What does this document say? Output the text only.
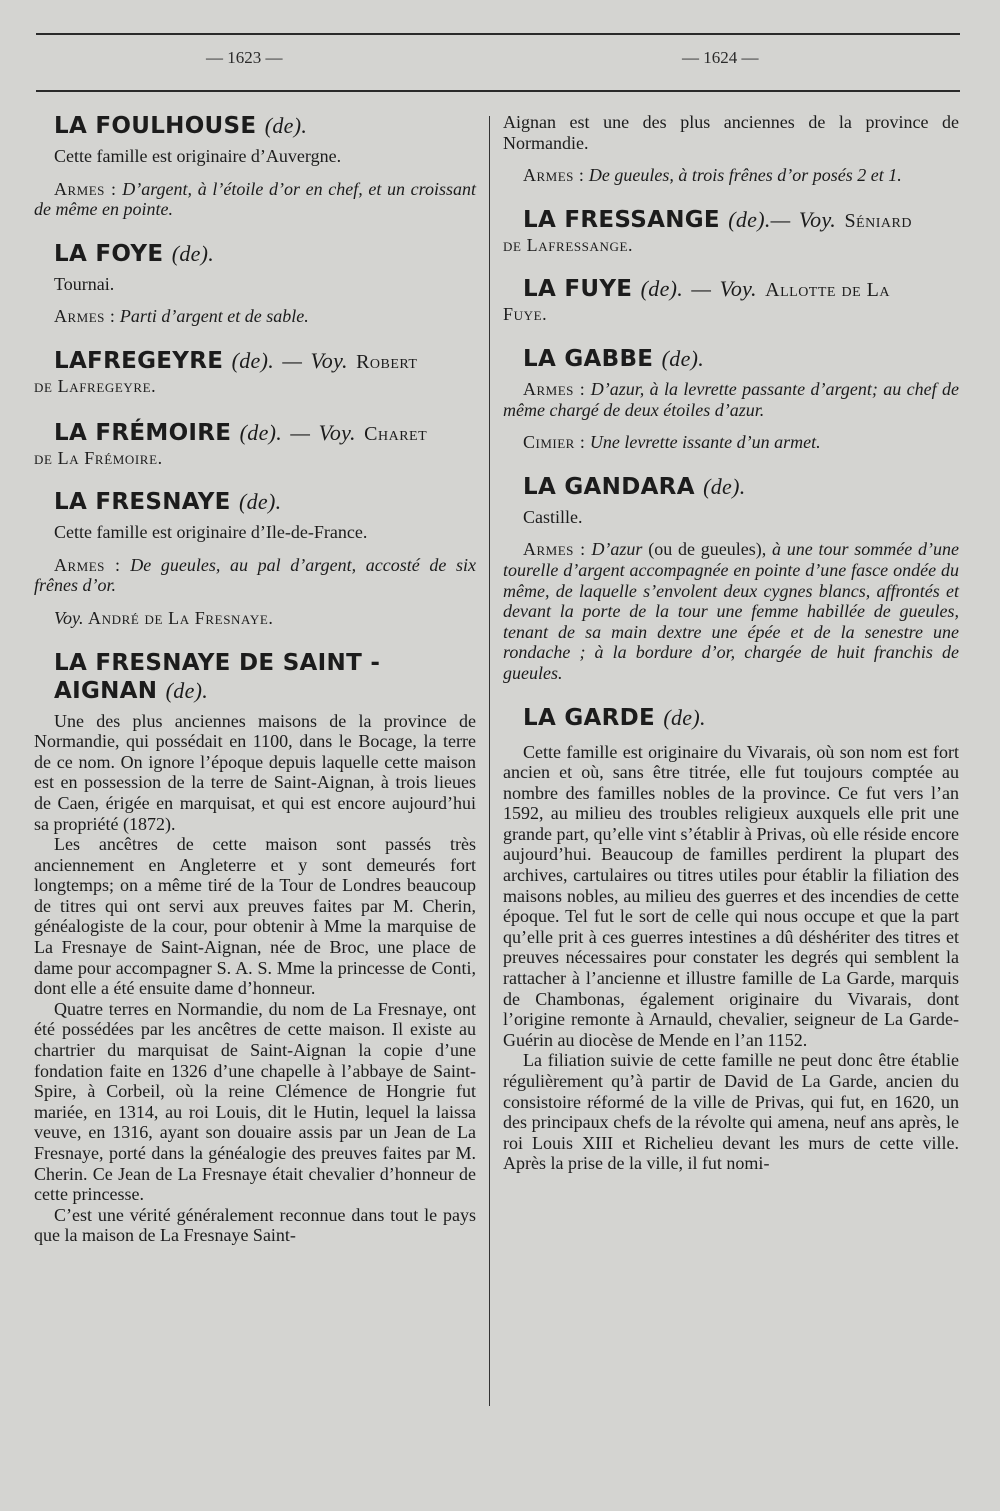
— 1623 —	— 1624 —
LA FOULHOUSE (de).

Cette famille est originaire d’Auvergne.

Armes : D’argent, à l’étoile d’or en chef, et un croissant de même en pointe.

LA FOYE (de).

Tournai.

Armes : Parti d’argent et de sable.

LAFREGEYRE (de). — Voy. Robert

de Lafregeyre.

LA FRÉMOIRE (de). — Voy. Charet

de La Frémoire.

LA FRESNAYE (de).

Cette famille est originaire d’Ile-de-France.

Armes : De gueules, au pal d’argent, accosté de six frênes d’or.

Voy. André de La Fresnaye.

LA FRESNAYE DE SAINT - AIGNAN (de).

Une des plus anciennes maisons de la province de Normandie, qui possédait en 1100, dans le Bocage, la terre de ce nom. On ignore l’époque depuis laquelle cette maison est en possession de la terre de Saint-Aignan, à trois lieues de Caen, érigée en marquisat, et qui est encore aujourd’hui sa propriété (1872).

Les ancêtres de cette maison sont passés très anciennement en Angleterre et y sont demeurés fort longtemps; on a même tiré de la Tour de Londres beaucoup de titres qui ont servi aux preuves faites par M. Cherin, généalogiste de la cour, pour obtenir à Mme la marquise de La Fresnaye de Saint-Aignan, née de Broc, une place de dame pour accompagner S. A. S. Mme la princesse de Conti, dont elle a été ensuite dame d’honneur.

Quatre terres en Normandie, du nom de La Fresnaye, ont été possédées par les ancêtres de cette maison. Il existe au chartrier du marquisat de Saint-Aignan la copie d’une fondation faite en 1326 d’une chapelle à l’abbaye de Saint-Spire, à Corbeil, où la reine Clémence de Hongrie fut mariée, en 1314, au roi Louis, dit le Hutin, lequel la laissa veuve, en 1316, ayant son douaire assis par un Jean de La Fresnaye, porté dans la généalogie des preuves faites par M. Cherin. Ce Jean de La Fresnaye était chevalier d’honneur de cette princesse.

C’est une vérité généralement reconnue dans tout le pays que la maison de La Fresnaye Saint-

Aignan est une des plus anciennes de la province de Normandie.

Armes : De gueules, à trois frênes d’or posés 2 et 1.

LA FRESSANGE (de).— Voy. Séniard

de Lafressange.

LA FUYE (de). — Voy. Allotte de La

Fuye.

LA GABBE (de).

Armes : D’azur, à la levrette passante d’argent; au chef de même chargé de deux étoiles d’azur.

Cimier : Une levrette issante d’un armet.

LA GANDARA (de).

Castille.

Armes : D’azur (ou de gueules), à une tour sommée d’une tourelle d’argent accompagnée en pointe d’une fasce ondée du même, de laquelle s’envolent deux cygnes blancs, affrontés et devant la porte de la tour une femme habillée de gueules, tenant de sa main dextre une épée et de la senestre une rondache ; à la bordure d’or, chargée de huit franchis de gueules.

LA GARDE (de).

Cette famille est originaire du Vivarais, où son nom est fort ancien et où, sans être titrée, elle fut toujours comptée au nombre des familles nobles de la province. Ce fut vers l’an 1592, au milieu des troubles religieux auxquels elle prit une grande part, qu’elle vint s’établir à Privas, où elle réside encore aujourd’hui. Beaucoup de familles perdirent la plupart des archives, cartulaires ou titres utiles pour établir la filiation des maisons nobles, au milieu des guerres et des incendies de cette époque. Tel fut le sort de celle qui nous occupe et que la part qu’elle prit à ces guerres intestines a dû déshériter des titres et preuves nécessaires pour constater les degrés qui semblent la rattacher à l’ancienne et illustre famille de La Garde, marquis de Chambonas, également originaire du Vivarais, dont l’origine remonte à Arnauld, chevalier, seigneur de La Garde-Guérin au diocèse de Mende en l’an 1152.

La filiation suivie de cette famille ne peut donc être établie régulièrement qu’à partir de David de La Garde, ancien du consistoire réformé de la ville de Privas, qui fut, en 1620, un des principaux chefs de la révolte qui amena, neuf ans après, le roi Louis XIII et Richelieu devant les murs de cette ville. Après la prise de la ville, il fut nomi-
